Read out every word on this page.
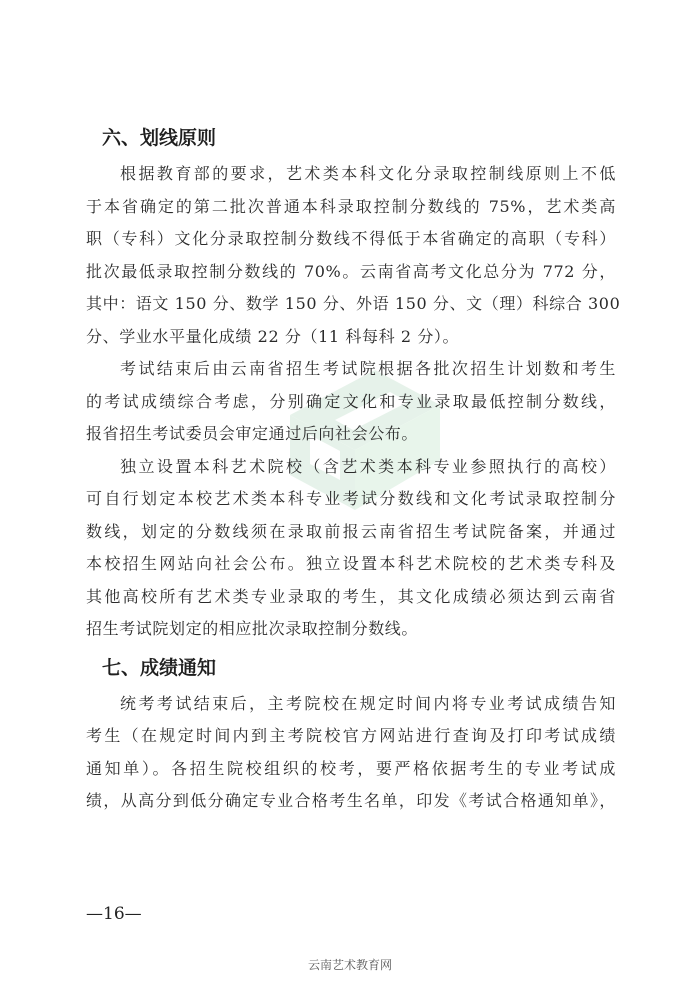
六、划线原则

根据教育部的要求，艺术类本科文化分录取控制线原则上不低
于本省确定的第二批次普通本科录取控制分数线的 75%，艺术类高
职（专科）文化分录取控制分数线不得低于本省确定的高职（专科）
批次最低录取控制分数线的 70%。云南省高考文化总分为 772 分，
其中：语文 150 分、数学 150 分、外语 150 分、文（理）科综合 300
分、学业水平量化成绩 22 分（11 科每科 2 分）。

考试结束后由云南省招生考试院根据各批次招生计划数和考生
的考试成绩综合考虑，分别确定文化和专业录取最低控制分数线，
报省招生考试委员会审定通过后向社会公布。

独立设置本科艺术院校（含艺术类本科专业参照执行的高校）
可自行划定本校艺术类本科专业考试分数线和文化考试录取控制分
数线，划定的分数线须在录取前报云南省招生考试院备案，并通过
本校招生网站向社会公布。独立设置本科艺术院校的艺术类专科及
其他高校所有艺术类专业录取的考生，其文化成绩必须达到云南省
招生考试院划定的相应批次录取控制分数线。

七、成绩通知

统考考试结束后，主考院校在规定时间内将专业考试成绩告知
考生（在规定时间内到主考院校官方网站进行查询及打印考试成绩
通知单）。各招生院校组织的校考，要严格依据考生的专业考试成
绩，从高分到低分确定专业合格考生名单，印发《考试合格通知单》，

—16—
云南艺术教育网
